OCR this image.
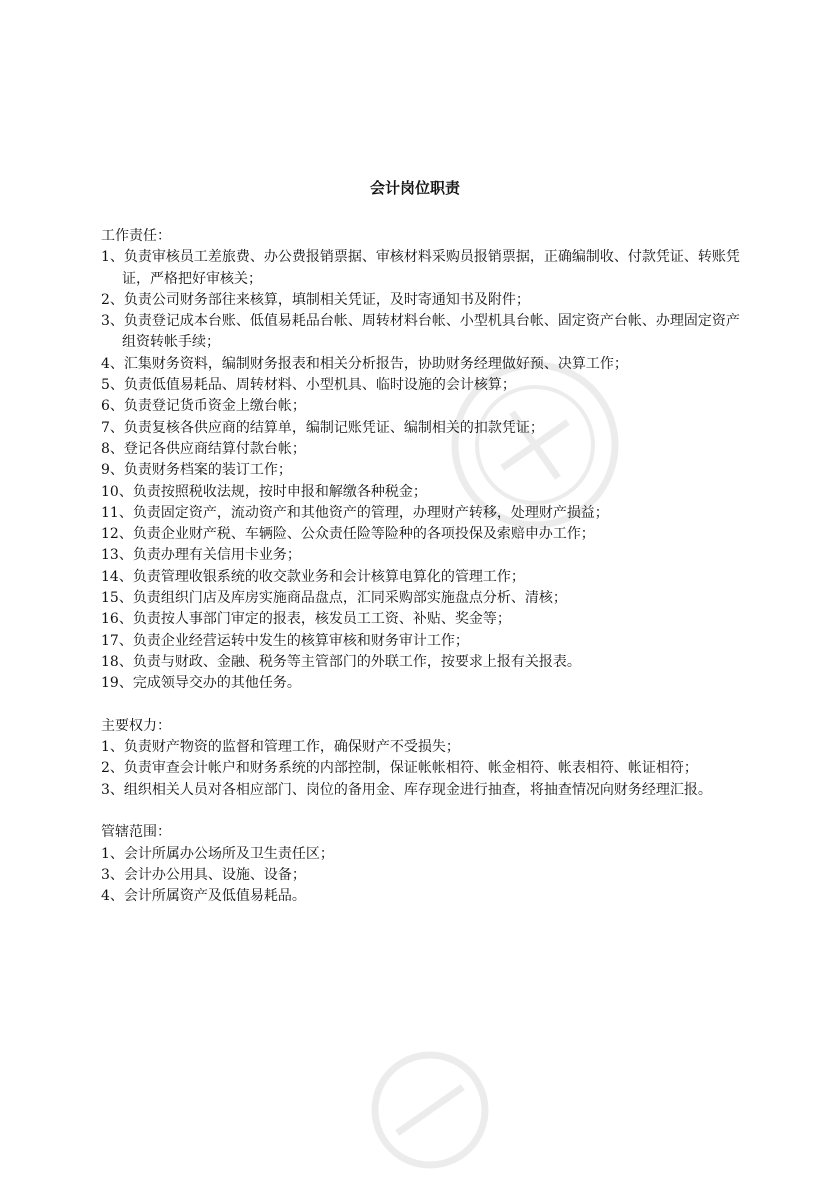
会计岗位职责

工作责任：

1、负责审核员工差旅费、办公费报销票据、审核材料采购员报销票据，正确编制收、付款凭证、转账凭证，严格把好审核关；
2、负责公司财务部往来核算，填制相关凭证，及时寄通知书及附件；
3、负责登记成本台账、低值易耗品台帐、周转材料台帐、小型机具台帐、固定资产台帐、办理固定资产组资转帐手续；
4、汇集财务资料，编制财务报表和相关分析报告，协助财务经理做好预、决算工作；
5、负责低值易耗品、周转材料、小型机具、临时设施的会计核算；
6、负责登记货币资金上缴台帐；
7、负责复核各供应商的结算单，编制记账凭证、编制相关的扣款凭证；
8、登记各供应商结算付款台帐；
9、负责财务档案的装订工作；
10、负责按照税收法规，按时申报和解缴各种税金；
11、负责固定资产，流动资产和其他资产的管理，办理财产转移，处理财产损益；
12、负责企业财产税、车辆险、公众责任险等险种的各项投保及索赔申办工作；
13、负责办理有关信用卡业务；
14、负责管理收银系统的收交款业务和会计核算电算化的管理工作；
15、负责组织门店及库房实施商品盘点，汇同采购部实施盘点分析、清核；
16、负责按人事部门审定的报表，核发员工工资、补贴、奖金等；
17、负责企业经营运转中发生的核算审核和财务审计工作；
18、负责与财政、金融、税务等主管部门的外联工作，按要求上报有关报表。
19、完成领导交办的其他任务。

主要权力：

1、负责财产物资的监督和管理工作，确保财产不受损失；
2、负责审查会计帐户和财务系统的内部控制，保证帐帐相符、帐金相符、帐表相符、帐证相符；
3、组织相关人员对各相应部门、岗位的备用金、库存现金进行抽查，将抽查情况向财务经理汇报。

管辖范围：

1、会计所属办公场所及卫生责任区；
3、会计办公用具、设施、设备；
4、会计所属资产及低值易耗品。
